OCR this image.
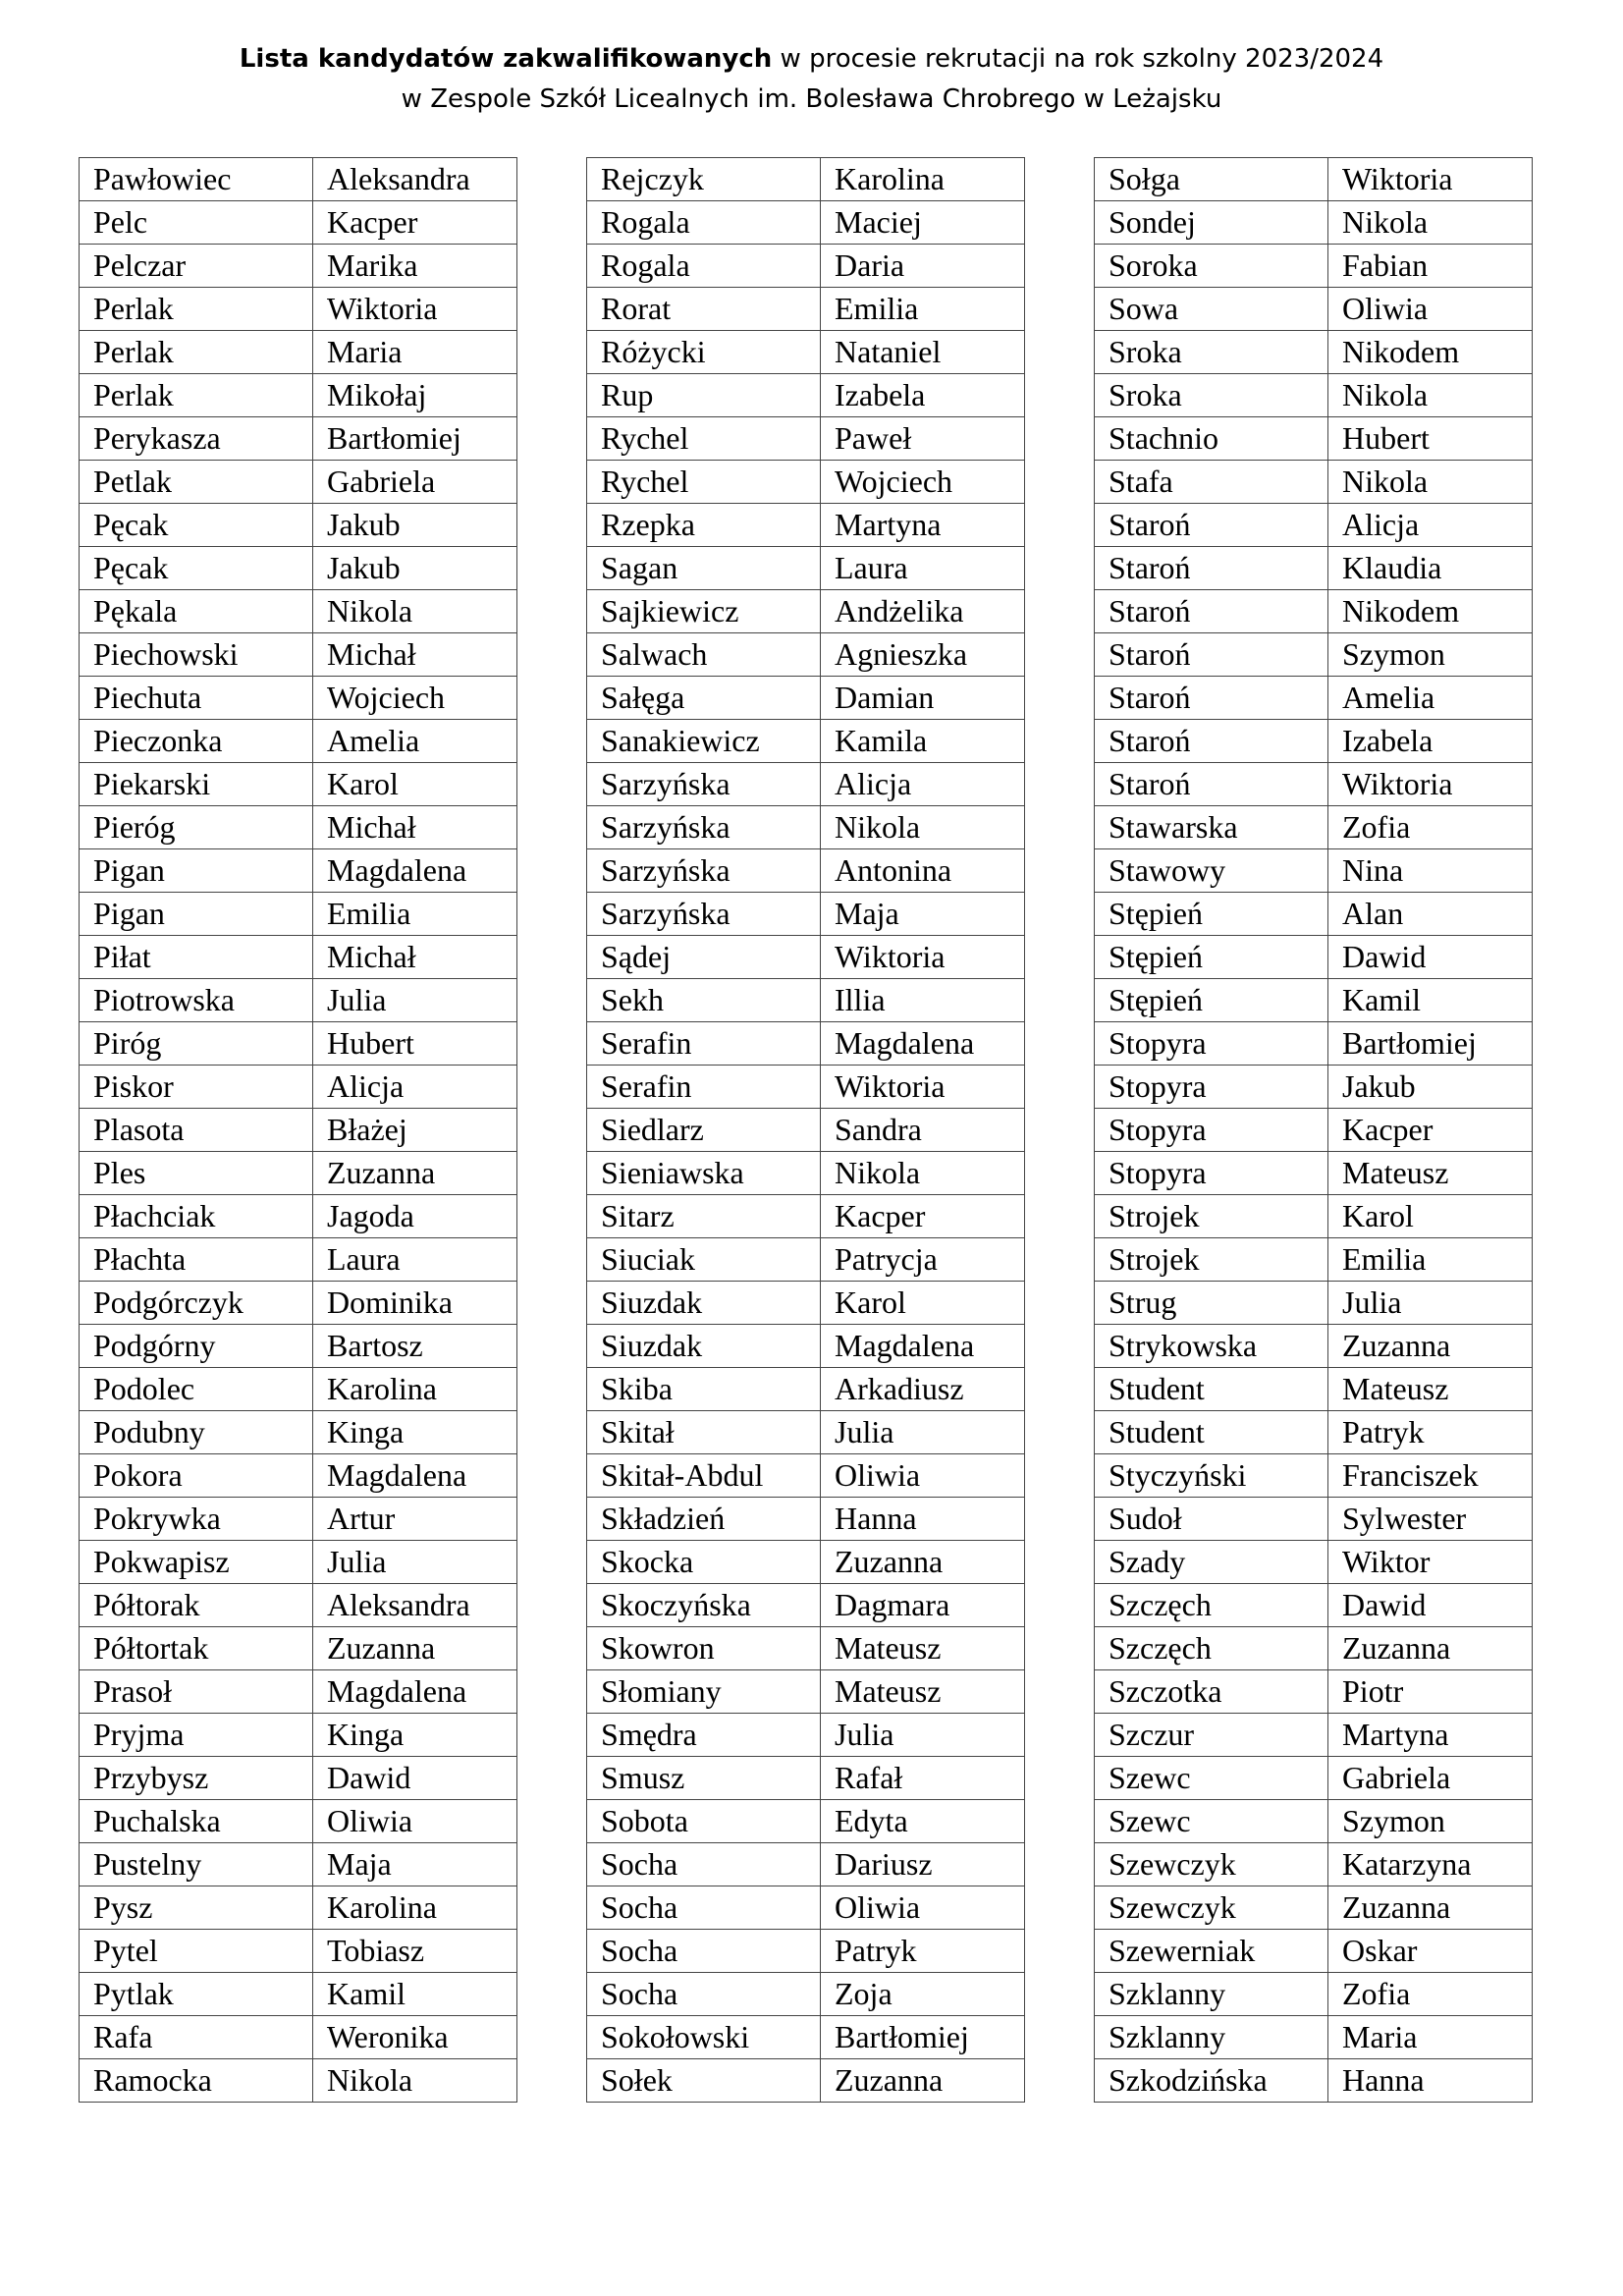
Lista kandydatów zakwalifikowanych w procesie rekrutacji na rok szkolny 2023/2024
w Zespole Szkół Licealnych im. Bolesława Chrobrego w Leżajsku
Pawłowiec	Aleksandra
Pelc	Kacper
Pelczar	Marika
Perlak	Wiktoria
Perlak	Maria
Perlak	Mikołaj
Perykasza	Bartłomiej
Petlak	Gabriela
Pęcak	Jakub
Pęcak	Jakub
Pękala	Nikola
Piechowski	Michał
Piechuta	Wojciech
Pieczonka	Amelia
Piekarski	Karol
Pieróg	Michał
Pigan	Magdalena
Pigan	Emilia
Piłat	Michał
Piotrowska	Julia
Piróg	Hubert
Piskor	Alicja
Plasota	Błażej
Ples	Zuzanna
Płachciak	Jagoda
Płachta	Laura
Podgórczyk	Dominika
Podgórny	Bartosz
Podolec	Karolina
Podubny	Kinga
Pokora	Magdalena
Pokrywka	Artur
Pokwapisz	Julia
Półtorak	Aleksandra
Półtortak	Zuzanna
Prasoł	Magdalena
Pryjma	Kinga
Przybysz	Dawid
Puchalska	Oliwia
Pustelny	Maja
Pysz	Karolina
Pytel	Tobiasz
Pytlak	Kamil
Rafa	Weronika
Ramocka	Nikola
Rejczyk	Karolina
Rogala	Maciej
Rogala	Daria
Rorat	Emilia
Różycki	Nataniel
Rup	Izabela
Rychel	Paweł
Rychel	Wojciech
Rzepka	Martyna
Sagan	Laura
Sajkiewicz	Andżelika
Salwach	Agnieszka
Sałęga	Damian
Sanakiewicz	Kamila
Sarzyńska	Alicja
Sarzyńska	Nikola
Sarzyńska	Antonina
Sarzyńska	Maja
Sądej	Wiktoria
Sekh	Illia
Serafin	Magdalena
Serafin	Wiktoria
Siedlarz	Sandra
Sieniawska	Nikola
Sitarz	Kacper
Siuciak	Patrycja
Siuzdak	Karol
Siuzdak	Magdalena
Skiba	Arkadiusz
Skitał	Julia
Skitał-Abdul	Oliwia
Składzień	Hanna
Skocka	Zuzanna
Skoczyńska	Dagmara
Skowron	Mateusz
Słomiany	Mateusz
Smędra	Julia
Smusz	Rafał
Sobota	Edyta
Socha	Dariusz
Socha	Oliwia
Socha	Patryk
Socha	Zoja
Sokołowski	Bartłomiej
Sołek	Zuzanna
Sołga	Wiktoria
Sondej	Nikola
Soroka	Fabian
Sowa	Oliwia
Sroka	Nikodem
Sroka	Nikola
Stachnio	Hubert
Stafa	Nikola
Staroń	Alicja
Staroń	Klaudia
Staroń	Nikodem
Staroń	Szymon
Staroń	Amelia
Staroń	Izabela
Staroń	Wiktoria
Stawarska	Zofia
Stawowy	Nina
Stępień	Alan
Stępień	Dawid
Stępień	Kamil
Stopyra	Bartłomiej
Stopyra	Jakub
Stopyra	Kacper
Stopyra	Mateusz
Strojek	Karol
Strojek	Emilia
Strug	Julia
Strykowska	Zuzanna
Student	Mateusz
Student	Patryk
Styczyński	Franciszek
Sudoł	Sylwester
Szady	Wiktor
Szczęch	Dawid
Szczęch	Zuzanna
Szczotka	Piotr
Szczur	Martyna
Szewc	Gabriela
Szewc	Szymon
Szewczyk	Katarzyna
Szewczyk	Zuzanna
Szewerniak	Oskar
Szklanny	Zofia
Szklanny	Maria
Szkodzińska	Hanna
